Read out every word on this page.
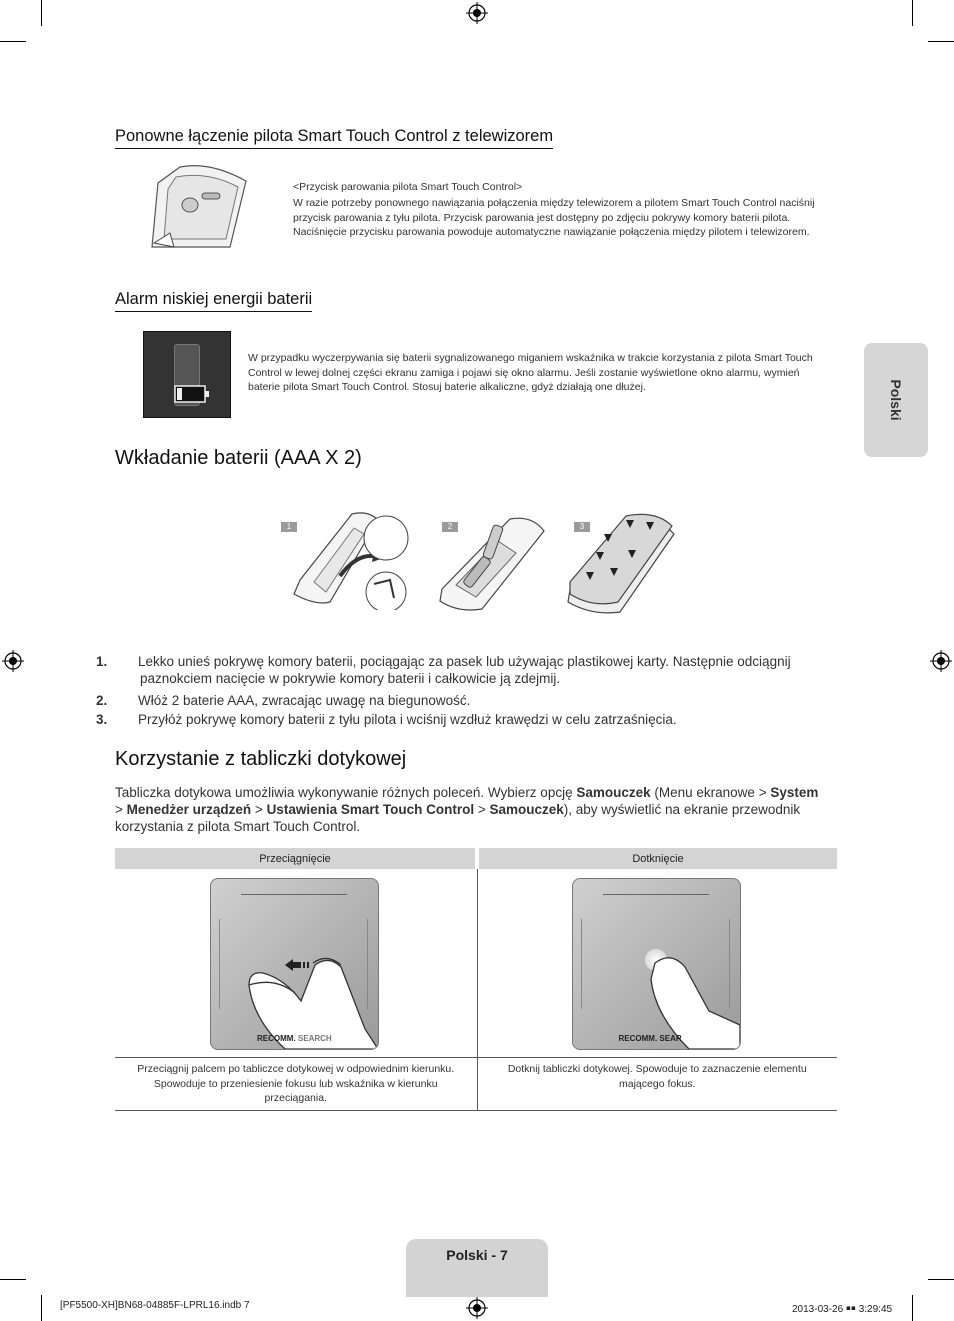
Ponowne łączenie pilota Smart Touch Control z telewizorem
<Przycisk parowania pilota Smart Touch Control>
W razie potrzeby ponownego nawiązania połączenia między telewizorem a pilotem Smart Touch Control naciśnij przycisk parowania z tyłu pilota. Przycisk parowania jest dostępny po zdjęciu pokrywy komory baterii pilota. Naciśnięcie przycisku parowania powoduje automatyczne nawiązanie połączenia między pilotem i telewizorem.
Alarm niskiej energii baterii
W przypadku wyczerpywania się baterii sygnalizowanego miganiem wskaźnika w trakcie korzystania z pilota Smart Touch Control w lewej dolnej części ekranu zamiga i pojawi się okno alarmu. Jeśli zostanie wyświetlone okno alarmu, wymień baterie pilota Smart Touch Control. Stosuj baterie alkaliczne, gdyż działają one dłużej.	Polski
Wkładanie baterii (AAA X 2)
1	2	3
1. Lekko unieś pokrywę komory baterii, pociągając za pasek lub używając plastikowej karty. Następnie odciągnij paznokciem nacięcie w pokrywie komory baterii i całkowicie ją zdejmij.
2. Włóż 2 baterie AAA, zwracając uwagę na biegunowość.
3. Przyłóż pokrywę komory baterii z tyłu pilota i wciśnij wzdłuż krawędzi w celu zatrzaśnięcia.
Korzystanie z tabliczki dotykowej
Tabliczka dotykowa umożliwia wykonywanie różnych poleceń. Wybierz opcję Samouczek (Menu ekranowe > System
> Menedżer urządzeń > Ustawienia Smart Touch Control > Samouczek), aby wyświetlić na ekranie przewodnik korzystania z pilota Smart Touch Control.
Przeciągnięcie	Dotknięcie

RECOMM. SEARCH	RECOMM. SEAR

Przeciągnij palcem po tabliczce dotykowej w odpowiednim kierunku. Spowoduje to przeniesienie fokusu lub wskaźnika w kierunku przeciągania.	Dotknij tabliczki dotykowej. Spowoduje to zaznaczenie elementu mającego fokus.
Polski - 7
[PF5500-XH]BN68-04885F-LPRL16.indb 7	2013-03-26 ￭￭ 3:29:45
